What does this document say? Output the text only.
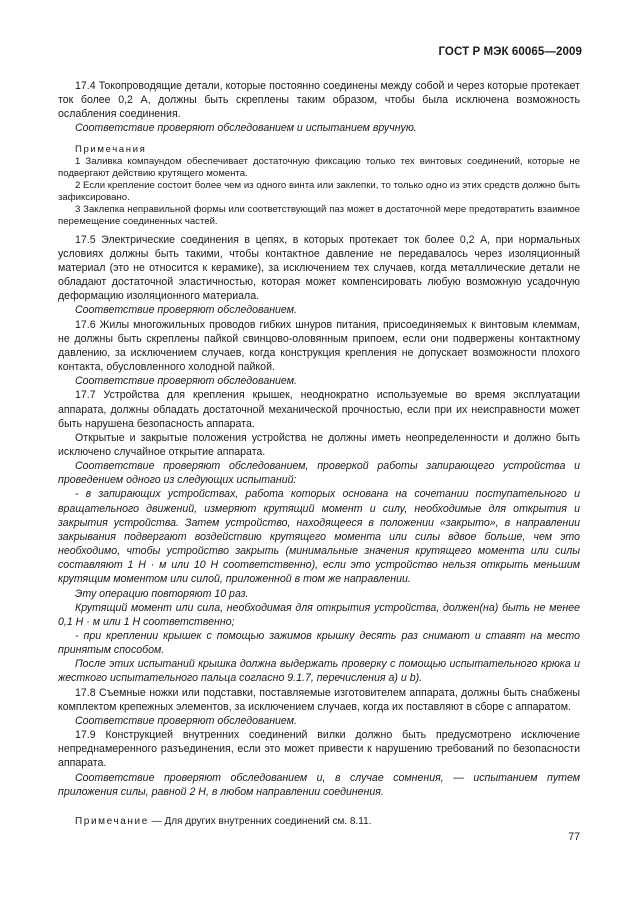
ГОСТ Р МЭК 60065—2009

17.4 Токопроводящие детали, которые постоянно соединены между собой и через которые протекает ток более 0,2 А, должны быть скреплены таким образом, чтобы была исключена возможность ослабления соединения.

Соответствие проверяют обследованием и испытанием вручную.

Примечания

1 Заливка компаундом обеспечивает достаточную фиксацию только тех винтовых соединений, которые не подвергают действию крутящего момента.

2 Если крепление состоит более чем из одного винта или заклепки, то только одно из этих средств должно быть зафиксировано.

3 Заклепка неправильной формы или соответствующий паз может в достаточной мере предотвратить взаимное перемещение соединенных частей.

17.5 Электрические соединения в цепях, в которых протекает ток более 0,2 А, при нормальных условиях должны быть такими, чтобы контактное давление не передавалось через изоляционный материал (это не относится к керамике), за исключением тех случаев, когда металлические детали не обладают достаточной эластичностью, которая может компенсировать любую возможную усадочную деформацию изоляционного материала.

Соответствие проверяют обследованием.

17.6 Жилы многожильных проводов гибких шнуров питания, присоединяемых к винтовым клеммам, не должны быть скреплены пайкой свинцово-оловянным припоем, если они подвержены контактному давлению, за исключением случаев, когда конструкция крепления не допускает возможности плохого контакта, обусловленного холодной пайкой.

Соответствие проверяют обследованием.

17.7 Устройства для крепления крышек, неоднократно используемые во время эксплуатации аппарата, должны обладать достаточной механической прочностью, если при их неисправности может быть нарушена безопасность аппарата.

Открытые и закрытые положения устройства не должны иметь неопределенности и должно быть исключено случайное открытие аппарата.

Соответствие проверяют обследованием, проверкой работы запирающего устройства и проведением одного из следующих испытаний:

- в запирающих устройствах, работа которых основана на сочетании поступательного и вращательного движений, измеряют крутящий момент и силу, необходимые для открытия и закрытия устройства. Затем устройство, находящееся в положении «закрыто», в направлении закрывания подвергают воздействию крутящего момента или силы вдвое больше, чем это необходимо, чтобы устройство закрыть (минимальные значения крутящего момента или силы составляют 1 Н · м или 10 Н соответственно), если это устройство нельзя открыть меньшим крутящим моментом или силой, приложенной в том же направлении.

Эту операцию повторяют 10 раз.

Крутящий момент или сила, необходимая для открытия устройства, должен(на) быть не менее 0,1 Н · м или 1 Н соответственно;

- при креплении крышек с помощью зажимов крышку десять раз снимают и ставят на место принятым способом.

После этих испытаний крышка должна выдержать проверку с помощью испытательного крюка и жесткого испытательного пальца согласно 9.1.7, перечисления а) и b).

17.8 Съемные ножки или подставки, поставляемые изготовителем аппарата, должны быть снабжены комплектом крепежных элементов, за исключением случаев, когда их поставляют в сборе с аппаратом.

Соответствие проверяют обследованием.

17.9 Конструкцией внутренних соединений вилки должно быть предусмотрено исключение непреднамеренного разъединения, если это может привести к нарушению требований по безопасности аппарата.

Соответствие проверяют обследованием и, в случае сомнения, — испытанием путем приложения силы, равной 2 Н, в любом направлении соединения.

Примечание — Для других внутренних соединений см. 8.11.

77
